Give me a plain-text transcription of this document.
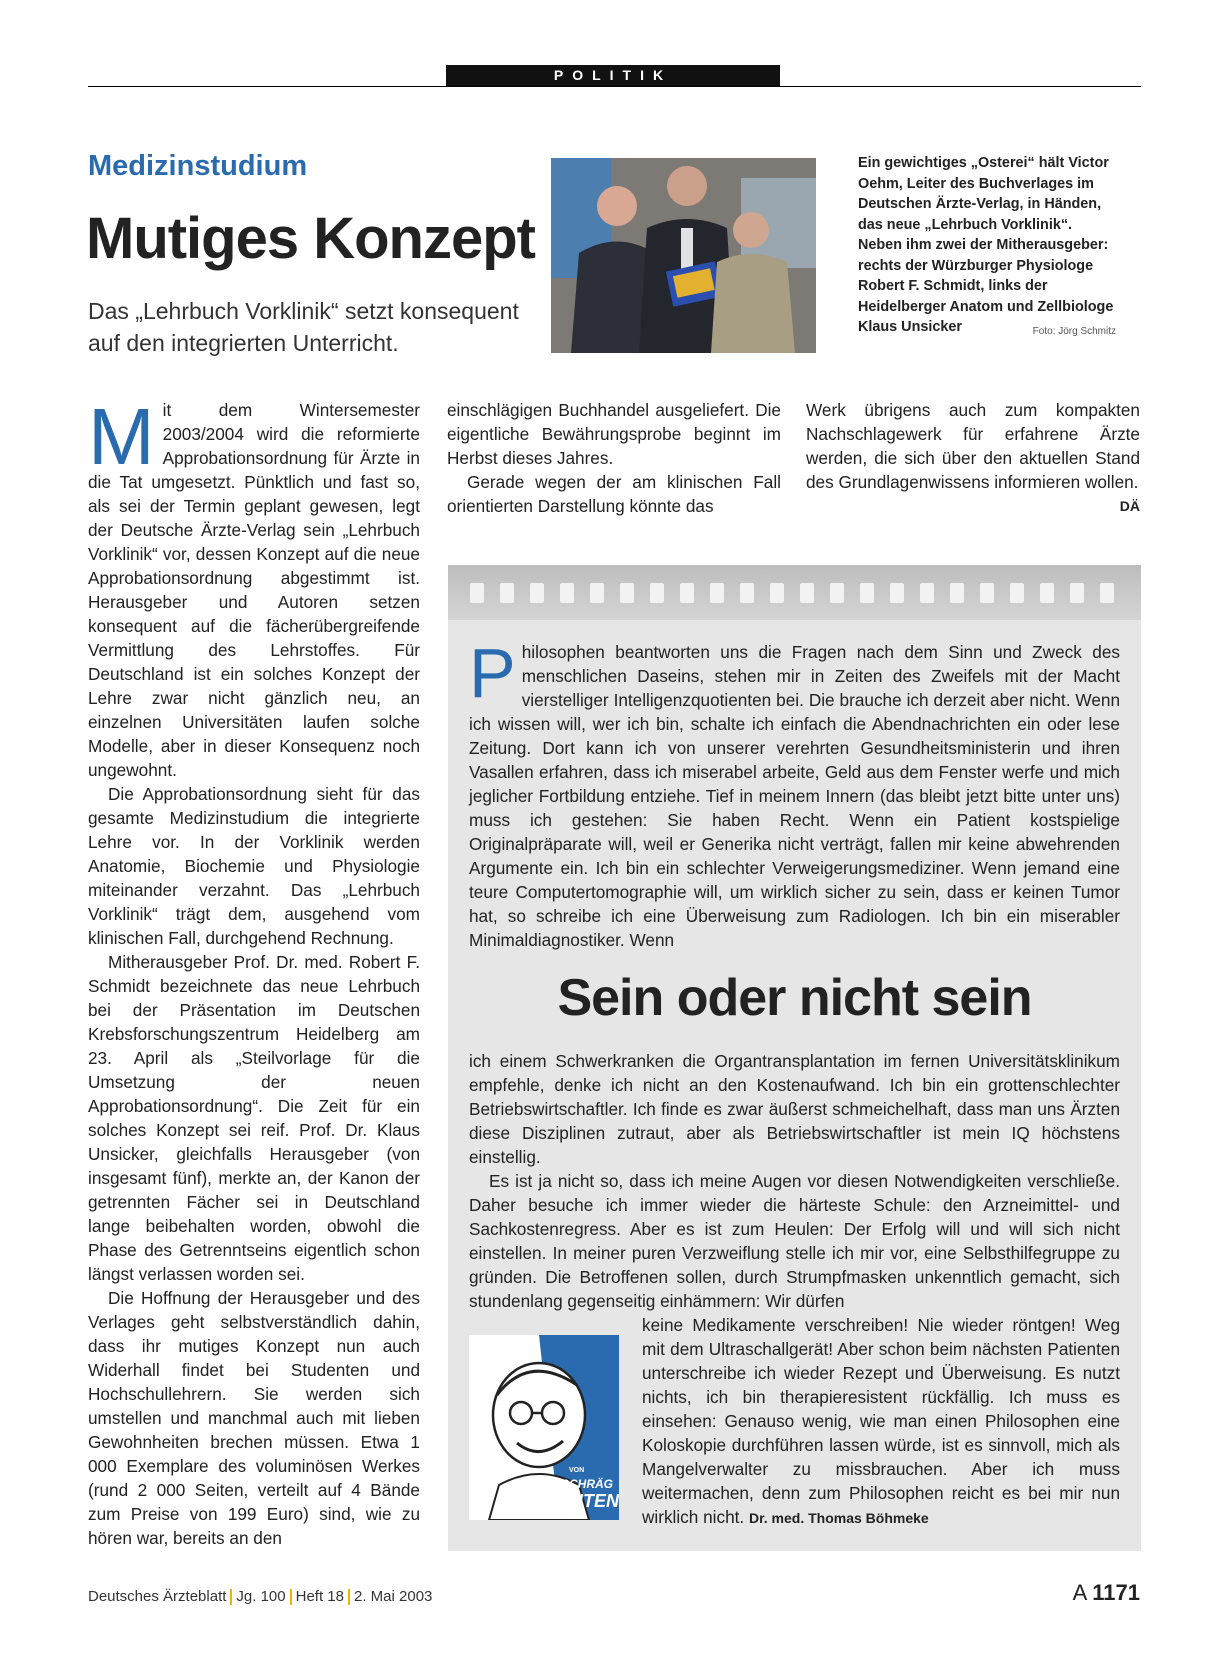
POLITIK
Medizinstudium
Mutiges Konzept
Das „Lehrbuch Vorklinik“ setzt konsequent auf den integrierten Unterricht.
Ein gewichtiges „Osterei“ hält Victor Oehm, Leiter des Buchverlages im Deutschen Ärzte-Verlag, in Händen, das neue „Lehrbuch Vorklinik“. Neben ihm zwei der Mitherausgeber: rechts der Würzburger Physiologe Robert F. Schmidt, links der Heidelberger Anatom und Zellbiologe Klaus Unsicker	Foto: Jörg Schmitz

Mit dem Wintersemester 2003/2004 wird die reformierte Approbationsordnung für Ärzte in die Tat umgesetzt. Pünktlich und fast so, als sei der Termin geplant gewesen, legt der Deutsche Ärzte-Verlag sein „Lehrbuch Vorklinik“ vor, dessen Konzept auf die neue Approbationsordnung abgestimmt ist. Herausgeber und Autoren setzen konsequent auf die fächerübergreifende Vermittlung des Lehrstoffes. Für Deutschland ist ein solches Konzept der Lehre zwar nicht gänzlich neu, an einzelnen Universitäten laufen solche Modelle, aber in dieser Konsequenz noch ungewohnt.

Die Approbationsordnung sieht für das gesamte Medizinstudium die integrierte Lehre vor. In der Vorklinik werden Anatomie, Biochemie und Physiologie miteinander verzahnt. Das „Lehrbuch Vorklinik“ trägt dem, ausgehend vom klinischen Fall, durchgehend Rechnung.

Mitherausgeber Prof. Dr. med. Robert F. Schmidt bezeichnete das neue Lehrbuch bei der Präsentation im Deutschen Krebsforschungszentrum Heidelberg am 23. April als „Steilvorlage für die Umsetzung der neuen Approbationsordnung“. Die Zeit für ein solches Konzept sei reif. Prof. Dr. Klaus Unsicker, gleichfalls Herausgeber (von insgesamt fünf), merkte an, der Kanon der getrennten Fächer sei in Deutschland lange beibehalten worden, obwohl die Phase des Getrenntseins eigentlich schon längst verlassen worden sei.

Die Hoffnung der Herausgeber und des Verlages geht selbstverständlich dahin, dass ihr mutiges Konzept nun auch Widerhall findet bei Studenten und Hochschullehrern. Sie werden sich umstellen und manchmal auch mit lieben Gewohnheiten brechen müssen. Etwa 1 000 Exemplare des voluminösen Werkes (rund 2 000 Seiten, verteilt auf 4 Bände zum Preise von 199 Euro) sind, wie zu hören war, bereits an den

einschlägigen Buchhandel ausgeliefert. Die eigentliche Bewährungsprobe beginnt im Herbst dieses Jahres.

Gerade wegen der am klinischen Fall orientierten Darstellung könnte das

Werk übrigens auch zum kompakten Nachschlagewerk für erfahrene Ärzte werden, die sich über den aktuellen Stand des Grundlagenwissens informieren wollen.
DÄ

Philosophen beantworten uns die Fragen nach dem Sinn und Zweck des menschlichen Daseins, stehen mir in Zeiten des Zweifels mit der Macht vierstelliger Intelligenzquotienten bei. Die brauche ich derzeit aber nicht. Wenn ich wissen will, wer ich bin, schalte ich einfach die Abendnachrichten ein oder lese Zeitung. Dort kann ich von unserer verehrten Gesundheitsministerin und ihren Vasallen erfahren, dass ich miserabel arbeite, Geld aus dem Fenster werfe und mich jeglicher Fortbildung entziehe. Tief in meinem Innern (das bleibt jetzt bitte unter uns) muss ich gestehen: Sie haben Recht. Wenn ein Patient kostspielige Originalpräparate will, weil er Generika nicht verträgt, fallen mir keine abwehrenden Argumente ein. Ich bin ein schlechter Verweigerungsmediziner. Wenn jemand eine teure Computertomographie will, um wirklich sicher zu sein, dass er keinen Tumor hat, so schreibe ich eine Überweisung zum Radiologen. Ich bin ein miserabler Minimaldiagnostiker. Wenn

Sein oder nicht sein

ich einem Schwerkranken die Organtransplantation im fernen Universitätsklinikum empfehle, denke ich nicht an den Kostenaufwand. Ich bin ein grottenschlechter Betriebswirtschaftler. Ich finde es zwar äußerst schmeichelhaft, dass man uns Ärzten diese Disziplinen zutraut, aber als Betriebswirtschaftler ist mein IQ höchstens einstellig.

Es ist ja nicht so, dass ich meine Augen vor diesen Notwendigkeiten verschließe. Daher besuche ich immer wieder die härteste Schule: den Arzneimittel- und Sachkostenregress. Aber es ist zum Heulen: Der Erfolg will und will sich nicht einstellen. In meiner puren Verzweiflung stelle ich mir vor, eine Selbsthilfegruppe zu gründen. Die Betroffenen sollen, durch Strumpfmasken unkenntlich gemacht, sich stundenlang gegenseitig einhämmern: Wir dürfen

keine Medikamente verschreiben! Nie wieder röntgen! Weg mit dem Ultraschallgerät! Aber schon beim nächsten Patienten unterschreibe ich wieder Rezept und Überweisung. Es nutzt nichts, ich bin therapieresistent rückfällig. Ich muss es einsehen: Genauso wenig, wie man einen Philosophen eine Koloskopie durchführen lassen würde, ist es sinnvoll, mich als Mangelverwalter zu missbrauchen. Aber ich muss weitermachen, denn zum Philosophen reicht es bei mir nun wirklich nicht. Dr. med. Thomas Böhmeke

VON
SCHRÄG
UNTEN
Deutsches Ärzteblatt Jg. 100 Heft 18 2. Mai 2003	A 1171
